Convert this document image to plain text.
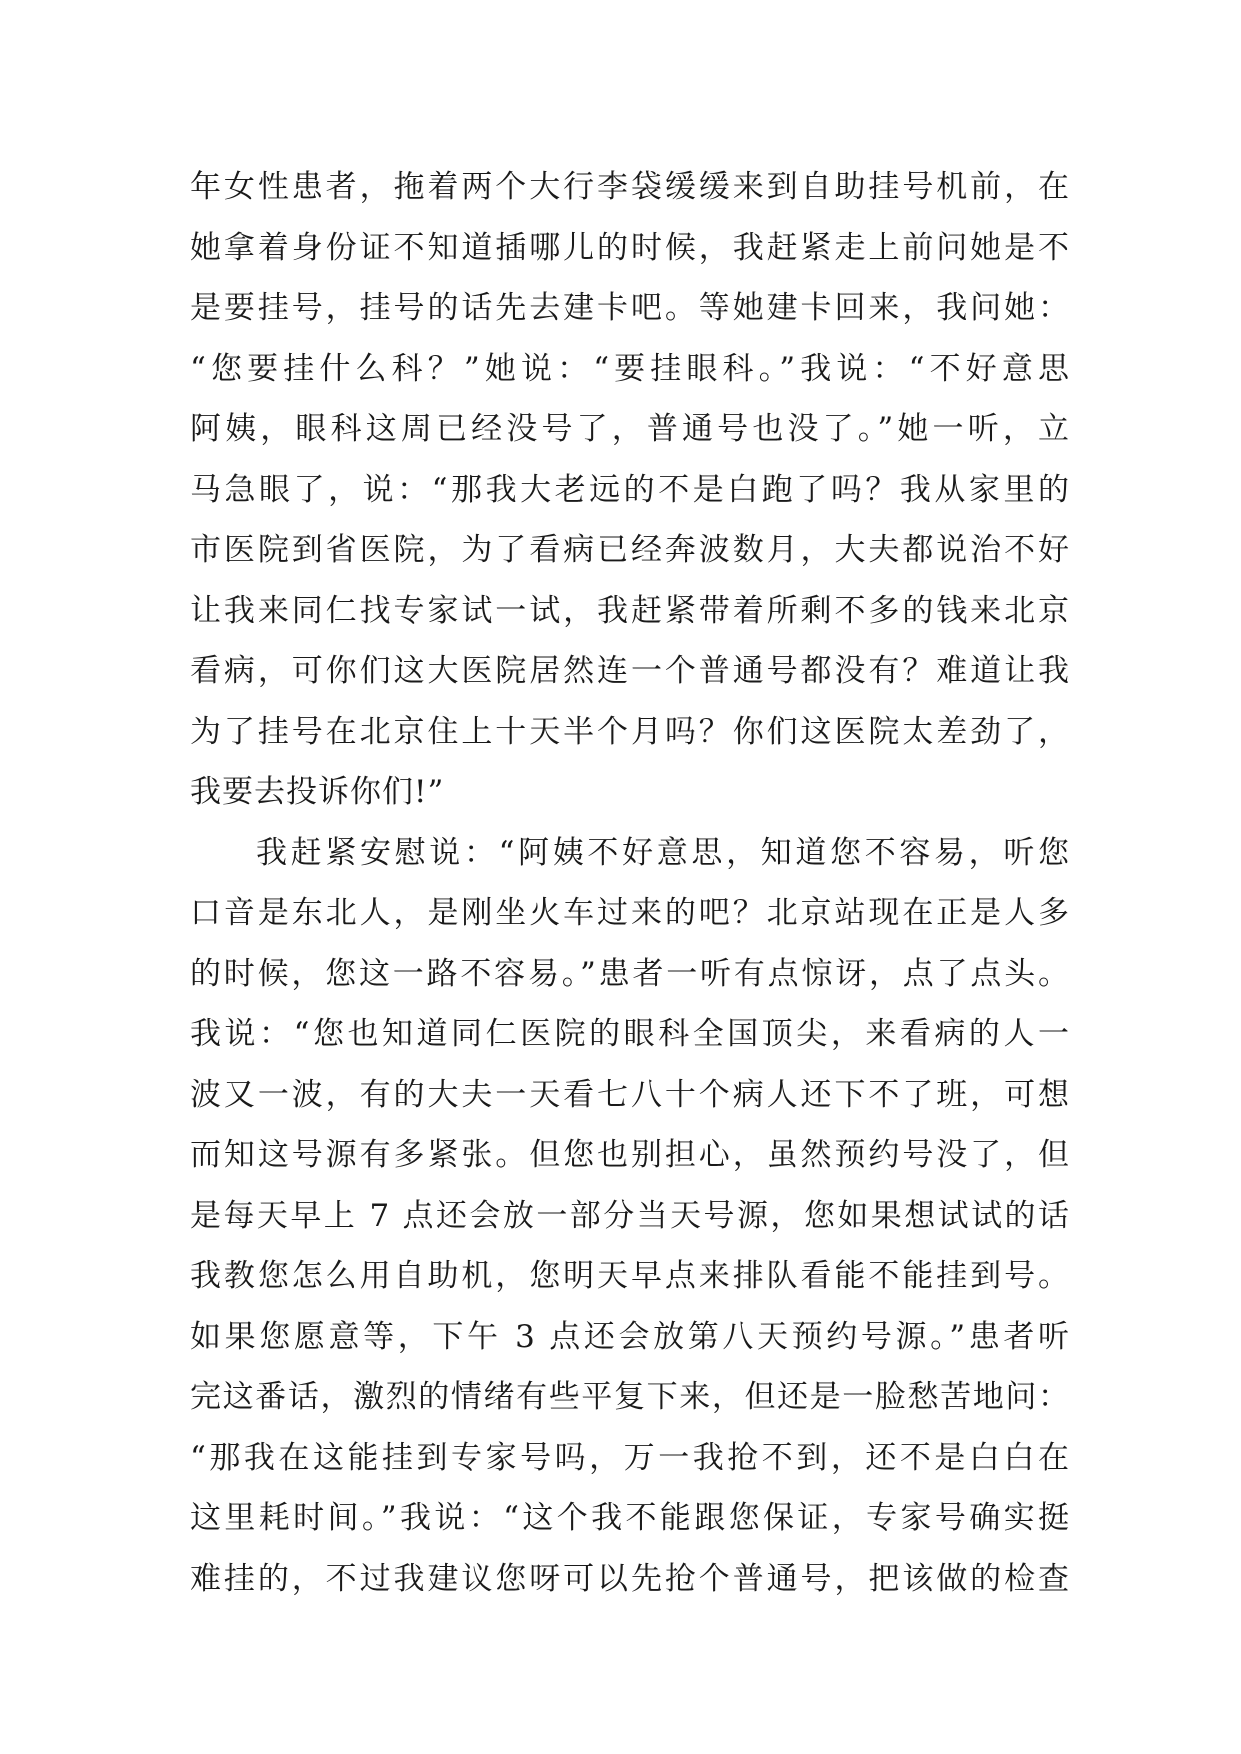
年女性患者，拖着两个大行李袋缓缓来到自助挂号机前，在
她拿着身份证不知道插哪儿的时候，我赶紧走上前问她是不
是要挂号，挂号的话先去建卡吧。等她建卡回来，我问她：
“您要挂什么科？”她说：“要挂眼科。”我说：“不好意思
阿姨，眼科这周已经没号了，普通号也没了。”她一听，立
马急眼了，说：“那我大老远的不是白跑了吗？我从家里的
市医院到省医院，为了看病已经奔波数月，大夫都说治不好
让我来同仁找专家试一试，我赶紧带着所剩不多的钱来北京
看病，可你们这大医院居然连一个普通号都没有？难道让我
为了挂号在北京住上十天半个月吗？你们这医院太差劲了，
我要去投诉你们!”
我赶紧安慰说：“阿姨不好意思，知道您不容易，听您
口音是东北人，是刚坐火车过来的吧？北京站现在正是人多
的时候，您这一路不容易。”患者一听有点惊讶，点了点头。
我说：“您也知道同仁医院的眼科全国顶尖，来看病的人一
波又一波，有的大夫一天看七八十个病人还下不了班，可想
而知这号源有多紧张。但您也别担心，虽然预约号没了，但
是每天早上 7 点还会放一部分当天号源，您如果想试试的话
我教您怎么用自助机，您明天早点来排队看能不能挂到号。
如果您愿意等，下午 3 点还会放第八天预约号源。”患者听
完这番话，激烈的情绪有些平复下来，但还是一脸愁苦地问：
“那我在这能挂到专家号吗，万一我抢不到，还不是白白在
这里耗时间。”我说：“这个我不能跟您保证，专家号确实挺
难挂的，不过我建议您呀可以先抢个普通号，把该做的检查
